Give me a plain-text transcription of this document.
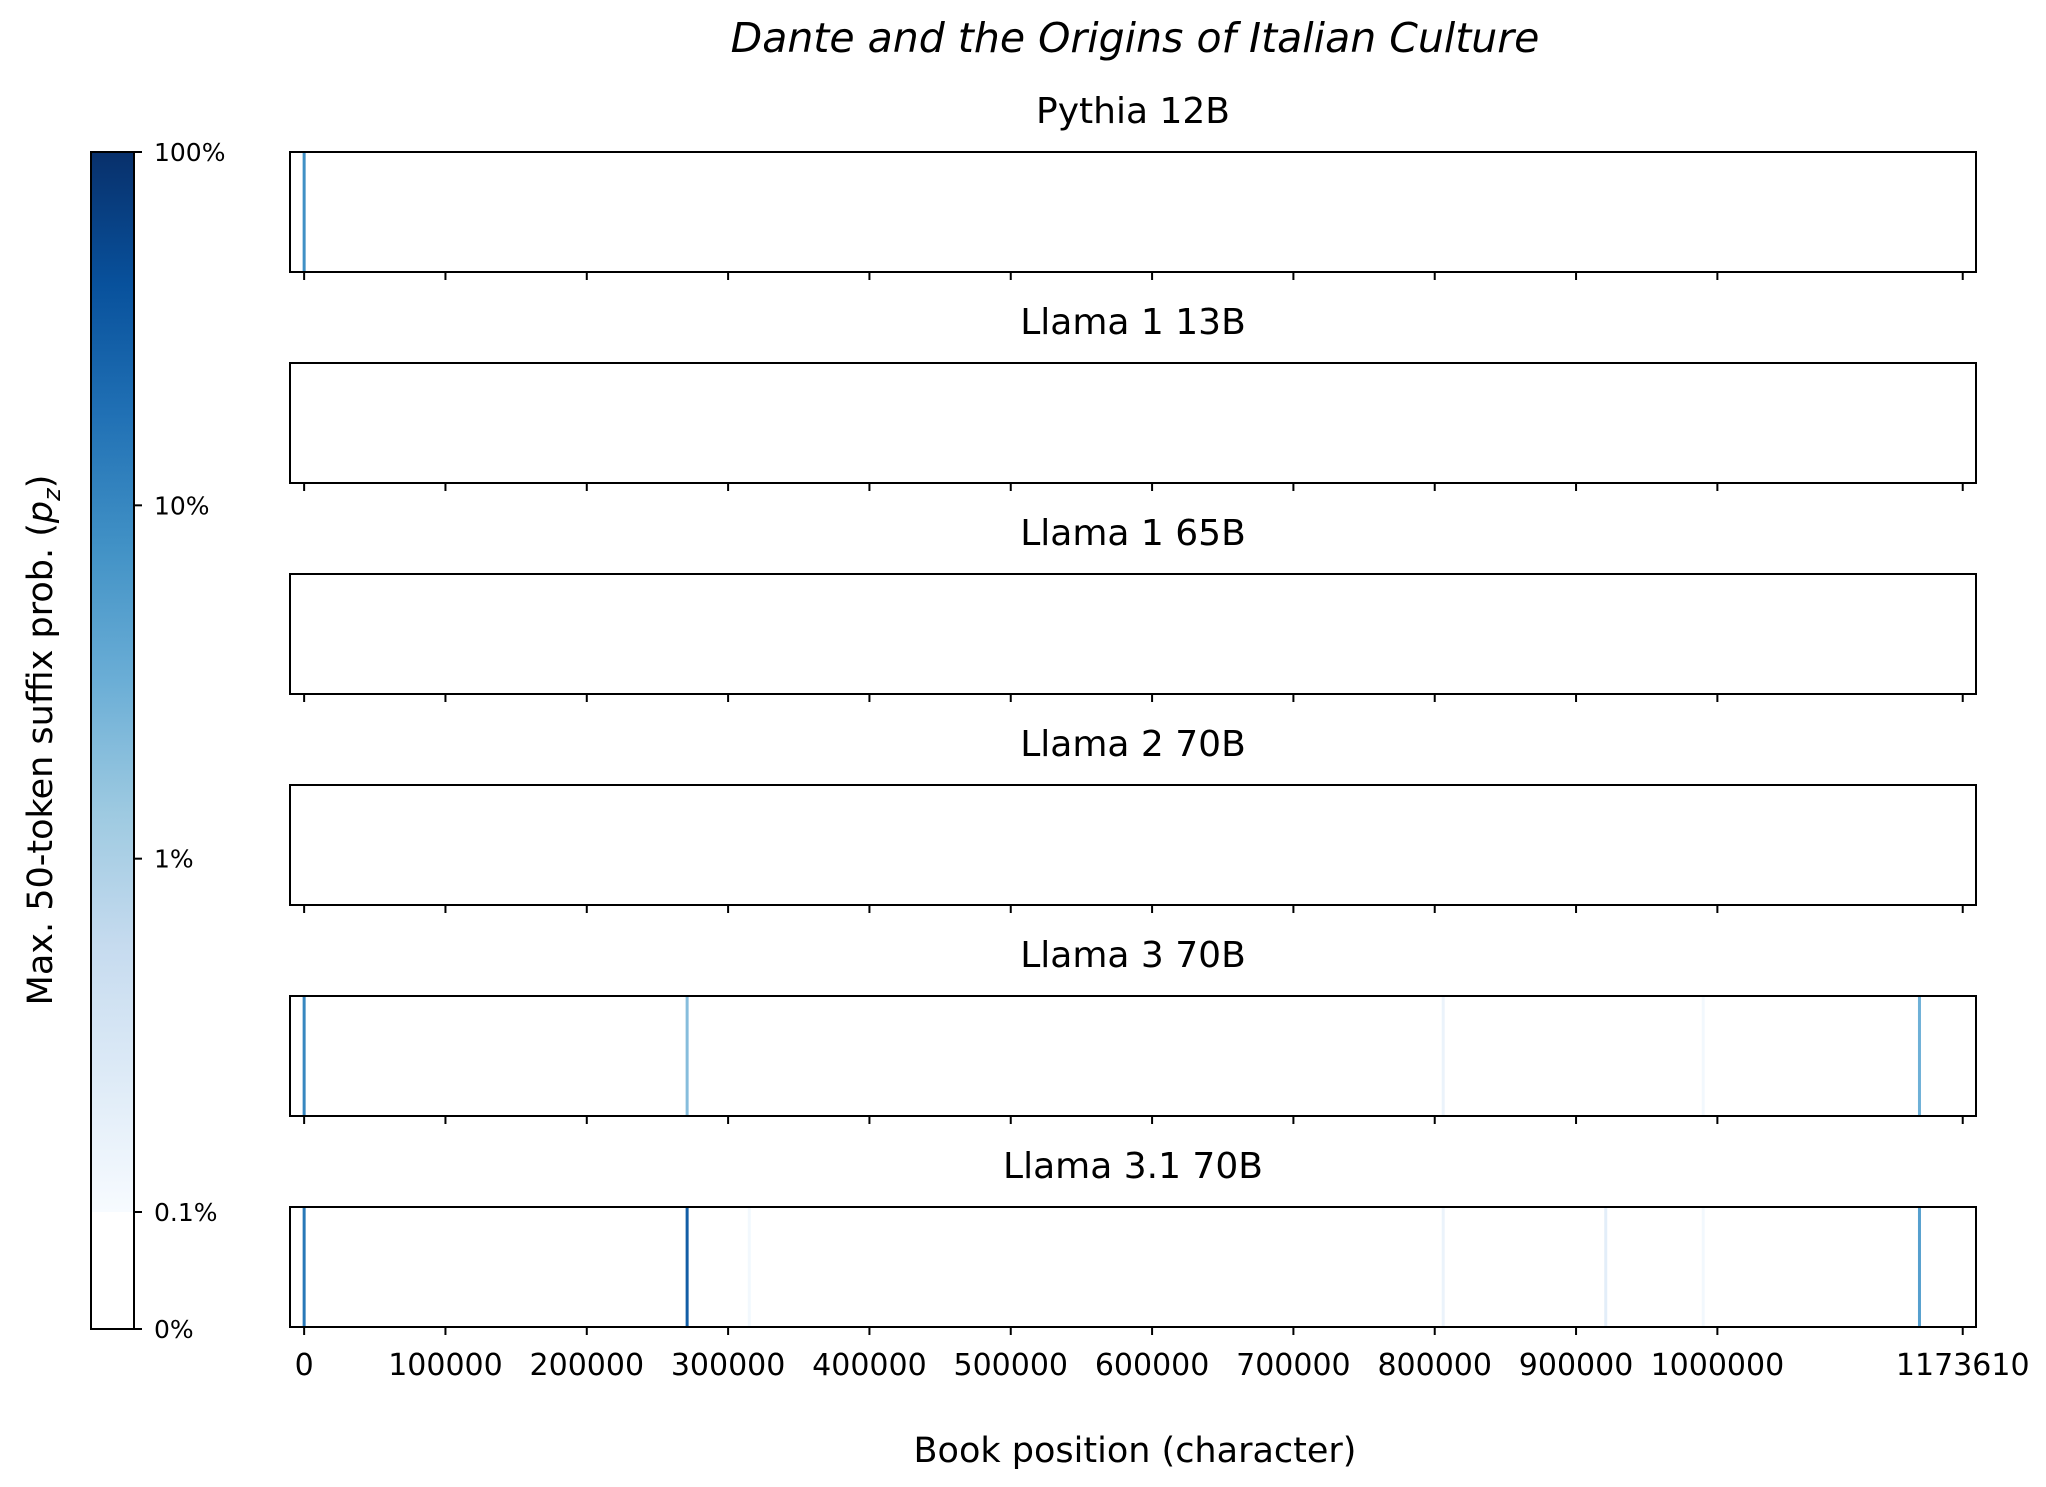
Dante and the Origins of Italian Culture
100%
10%
1%
0.1%
0%
Max. 50-token suffix prob. $(p_z)$
Pythia 12B
Llama 1 13B
Llama 1 65B
Llama 2 70B
Llama 3 70B
Llama 3.1 70B
0 100000 200000 300000 400000 500000 600000 700000 800000 900000 1000000	1173610
Book position (character)
